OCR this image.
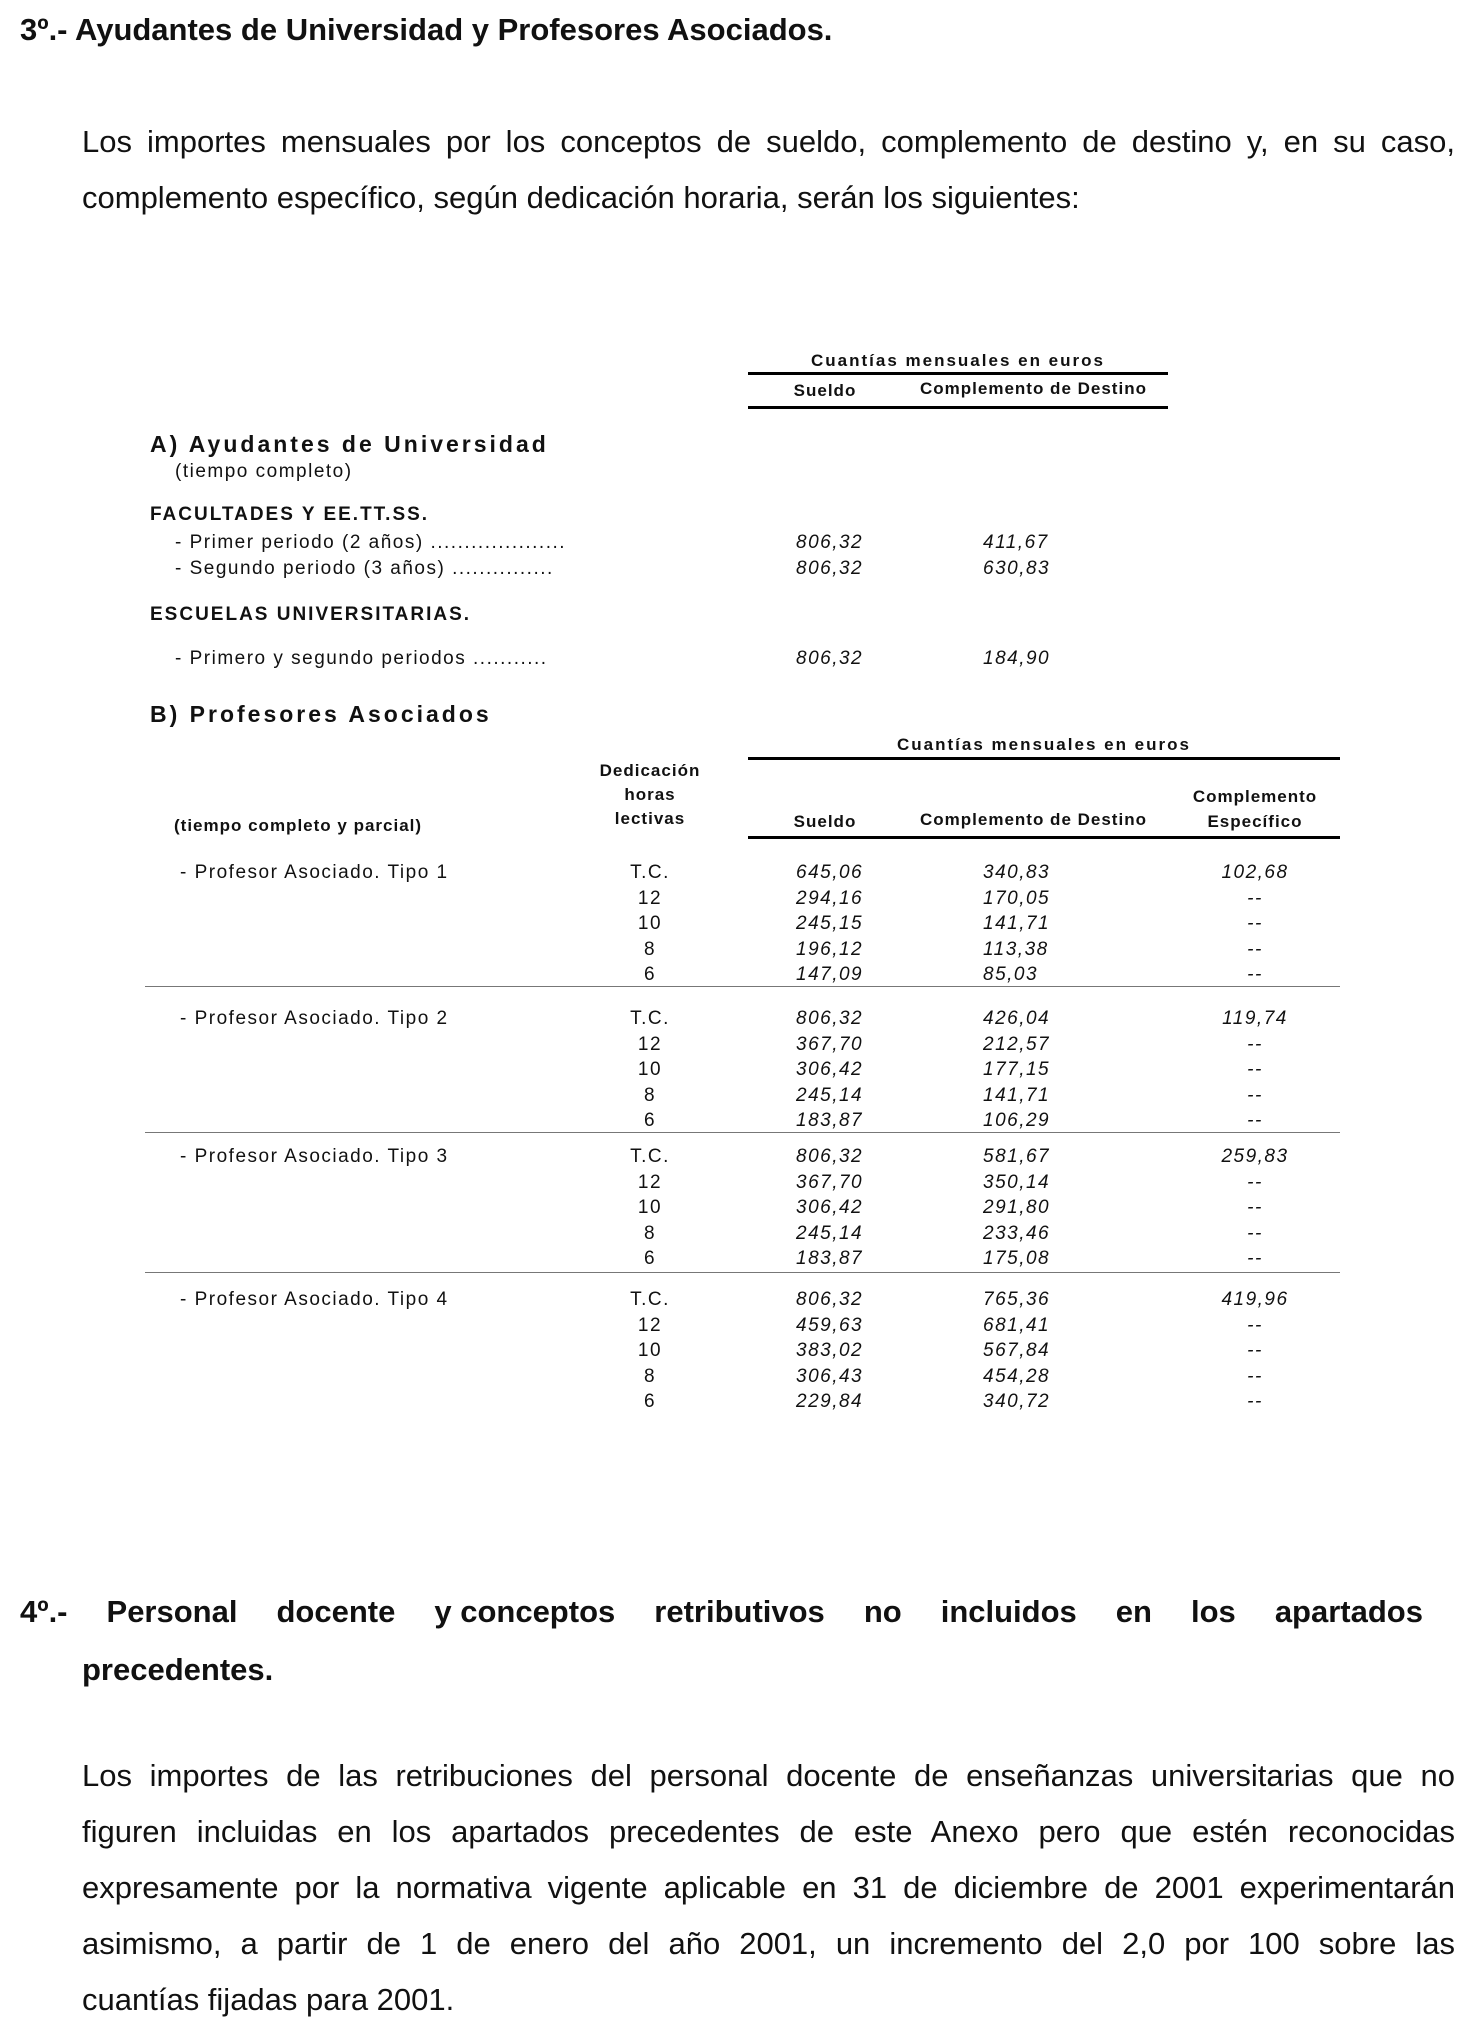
3º.- Ayudantes de Universidad y Profesores Asociados.

Los importes mensuales por los conceptos de sueldo, complemento de destino y, en su caso,

complemento específico, según dedicación horaria, serán los siguientes:

Cuantías mensuales en euros
Sueldo	Complemento de Destino
A) Ayudantes de Universidad
(tiempo completo)
FACULTADES Y EE.TT.SS.
- Primer periodo (2 años) ....................	806,32	411,67
- Segundo periodo (3 años) ...............	806,32	630,83
ESCUELAS UNIVERSITARIAS.
- Primero y segundo periodos ...........	806,32	184,90
B) Profesores Asociados
Cuantías mensuales en euros
Dedicación
horas
lectivas
(tiempo completo y parcial)	Sueldo	Complemento de Destino
Complemento
Específico
- Profesor Asociado. Tipo 1	T.C.	645,06	340,83	102,68
12	294,16	170,05	--
10	245,15	141,71	--
8	196,12	113,38	--
6	147,09	85,03	--
- Profesor Asociado. Tipo 2	T.C.	806,32	426,04	119,74
12	367,70	212,57	--
10	306,42	177,15	--
8	245,14	141,71	--
6	183,87	106,29	--
- Profesor Asociado. Tipo 3	T.C.	806,32	581,67	259,83
12	367,70	350,14	--
10	306,42	291,80	--
8	245,14	233,46	--
6	183,87	175,08	--
- Profesor Asociado. Tipo 4	T.C.	806,32	765,36	419,96
12	459,63	681,41	--
10	383,02	567,84	--
8	306,43	454,28	--
6	229,84	340,72	--
4º.- Personal docente y conceptos retributivos no incluidos en los apartados
precedentes.

Los importes de las retribuciones del personal docente de enseñanzas universitarias que no

figuren incluidas en los apartados precedentes de este Anexo pero que estén reconocidas

expresamente por la normativa vigente aplicable en 31 de diciembre de 2001 experimentarán

asimismo, a partir de 1 de enero del año 2001, un incremento del 2,0 por 100 sobre las

cuantías fijadas para 2001.
